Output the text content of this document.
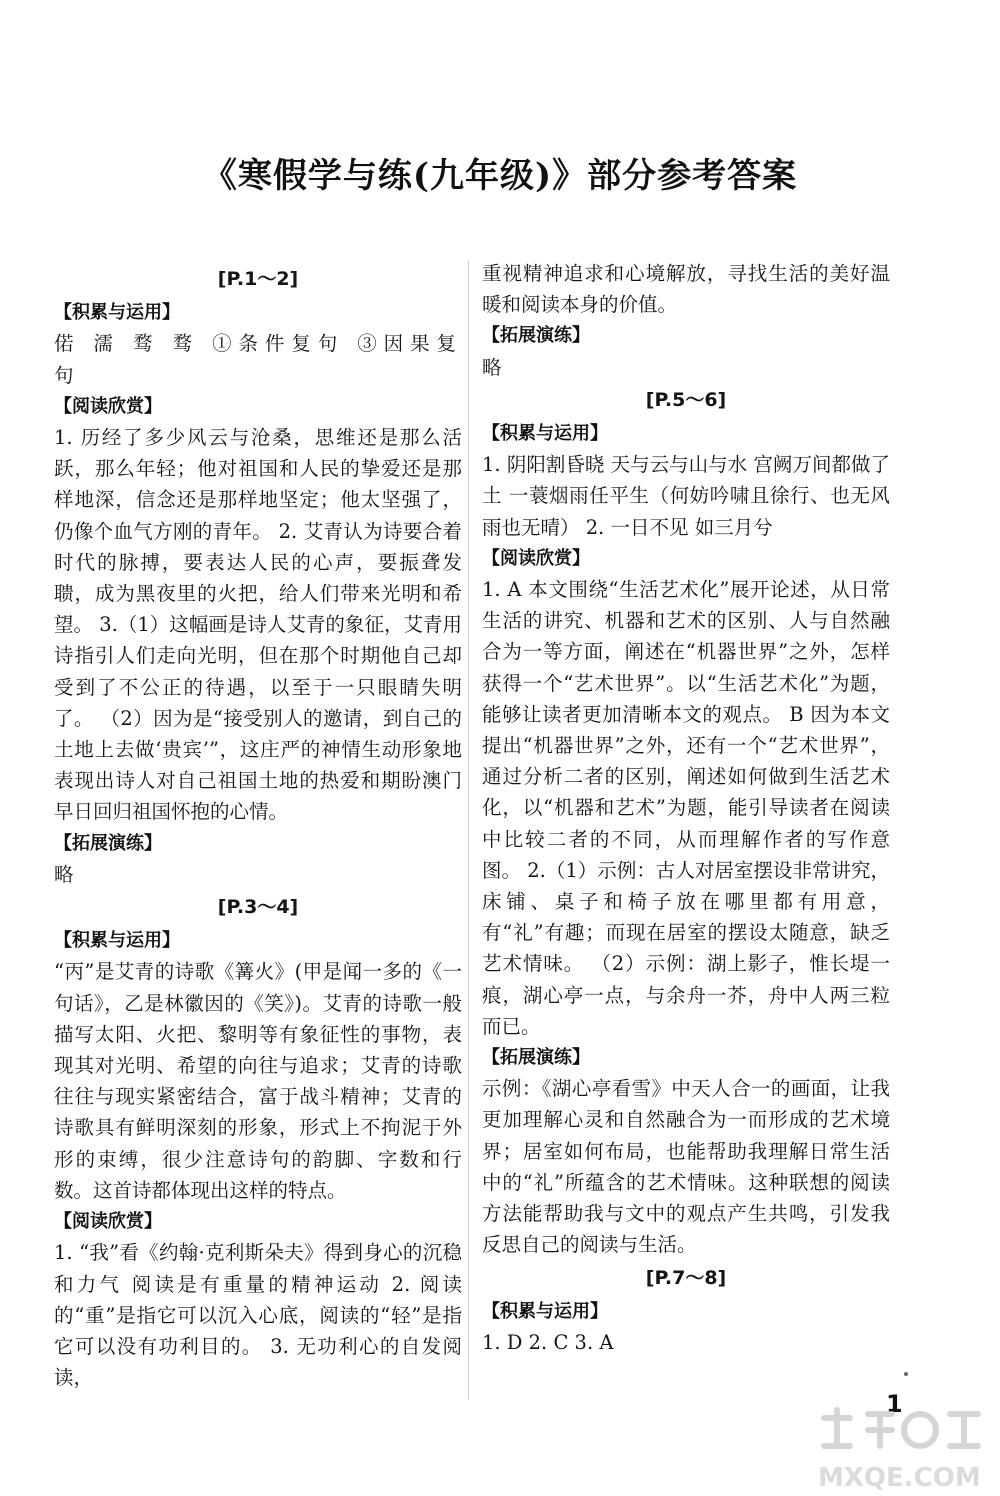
《寒假学与练(九年级)》部分参考答案
[P.1～2]
【积累与运用】
偌 濡 骛 骛 ①条件复句 ③因果复句
【阅读欣赏】
1. 历经了多少风云与沧桑，思维还是那么活跃，那么年轻；他对祖国和人民的挚爱还是那样地深，信念还是那样地坚定；他太坚强了，仍像个血气方刚的青年。 2. 艾青认为诗要合着时代的脉搏，要表达人民的心声，要振聋发聩，成为黑夜里的火把，给人们带来光明和希望。 3.（1）这幅画是诗人艾青的象征，艾青用诗指引人们走向光明，但在那个时期他自己却受到了不公正的待遇，以至于一只眼睛失明了。 （2）因为是“接受别人的邀请，到自己的土地上去做‘贵宾’”，这庄严的神情生动形象地表现出诗人对自己祖国土地的热爱和期盼澳门早日回归祖国怀抱的心情。
【拓展演练】
略
[P.3～4]
【积累与运用】
“丙”是艾青的诗歌《篝火》(甲是闻一多的《一句话》，乙是林徽因的《笑》)。艾青的诗歌一般描写太阳、火把、黎明等有象征性的事物，表现其对光明、希望的向往与追求；艾青的诗歌往往与现实紧密结合，富于战斗精神；艾青的诗歌具有鲜明深刻的形象，形式上不拘泥于外形的束缚，很少注意诗句的韵脚、字数和行数。这首诗都体现出这样的特点。
【阅读欣赏】
1. “我”看《约翰·克利斯朵夫》得到身心的沉稳和力气 阅读是有重量的精神运动 2. 阅读的“重”是指它可以沉入心底，阅读的“轻”是指它可以没有功利目的。 3. 无功利心的自发阅读，
重视精神追求和心境解放，寻找生活的美好温暖和阅读本身的价值。
【拓展演练】
略
[P.5～6]
【积累与运用】
1. 阴阳割昏晓 天与云与山与水 宫阙万间都做了土 一蓑烟雨任平生（何妨吟啸且徐行、也无风雨也无晴） 2. 一日不见 如三月兮
【阅读欣赏】
1. A 本文围绕“生活艺术化”展开论述，从日常生活的讲究、机器和艺术的区别、人与自然融合为一等方面，阐述在“机器世界”之外，怎样获得一个“艺术世界”。以“生活艺术化”为题，能够让读者更加清晰本文的观点。 B 因为本文提出“机器世界”之外，还有一个“艺术世界”，通过分析二者的区别，阐述如何做到生活艺术化，以“机器和艺术”为题，能引导读者在阅读中比较二者的不同，从而理解作者的写作意图。 2.（1）示例：古人对居室摆设非常讲究，床铺、桌子和椅子放在哪里都有用意，有“礼”有趣；而现在居室的摆设太随意，缺乏艺术情味。 （2）示例：湖上影子，惟长堤一痕，湖心亭一点，与余舟一芥，舟中人两三粒而已。
【拓展演练】
示例：《湖心亭看雪》中天人合一的画面，让我更加理解心灵和自然融合为一而形成的艺术境界；居室如何布局，也能帮助我理解日常生活中的“礼”所蕴含的艺术情味。这种联想的阅读方法能帮助我与文中的观点产生共鸣，引发我反思自己的阅读与生活。
[P.7～8]
【积累与运用】
1. D 2. C 3. A
1
MXQE.COM
